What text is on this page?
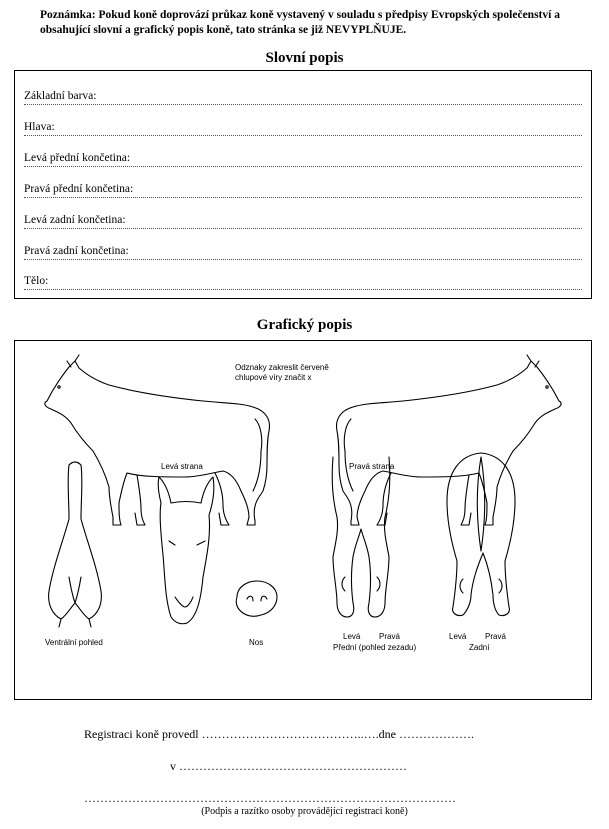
Poznámka: Pokud koně doprovází průkaz koně vystavený v souladu s předpisy Evropských společenství a obsahující slovní a grafický popis koně, tato stránka se již NEVYPLŇUJE.
Slovní popis
Základní barva:
Hlava:
Levá přední končetina:
Pravá přední končetina:
Levá zadní končetina:
Pravá zadní končetina:
Tělo:
Grafický popis
Odznaky zakreslit červeně
chlupové víry značit x
Levá strana	Pravá strana
Ventrální pohled	Nos
Levá Pravá
Přední (pohled zezadu)
Levá Pravá
Zadní
Registraci koně provedl …………………………………..….dne ……………….
v …………………………………………………
…………………………………………………………………………………
(Podpis a razítko osoby provádějící registraci koně)
